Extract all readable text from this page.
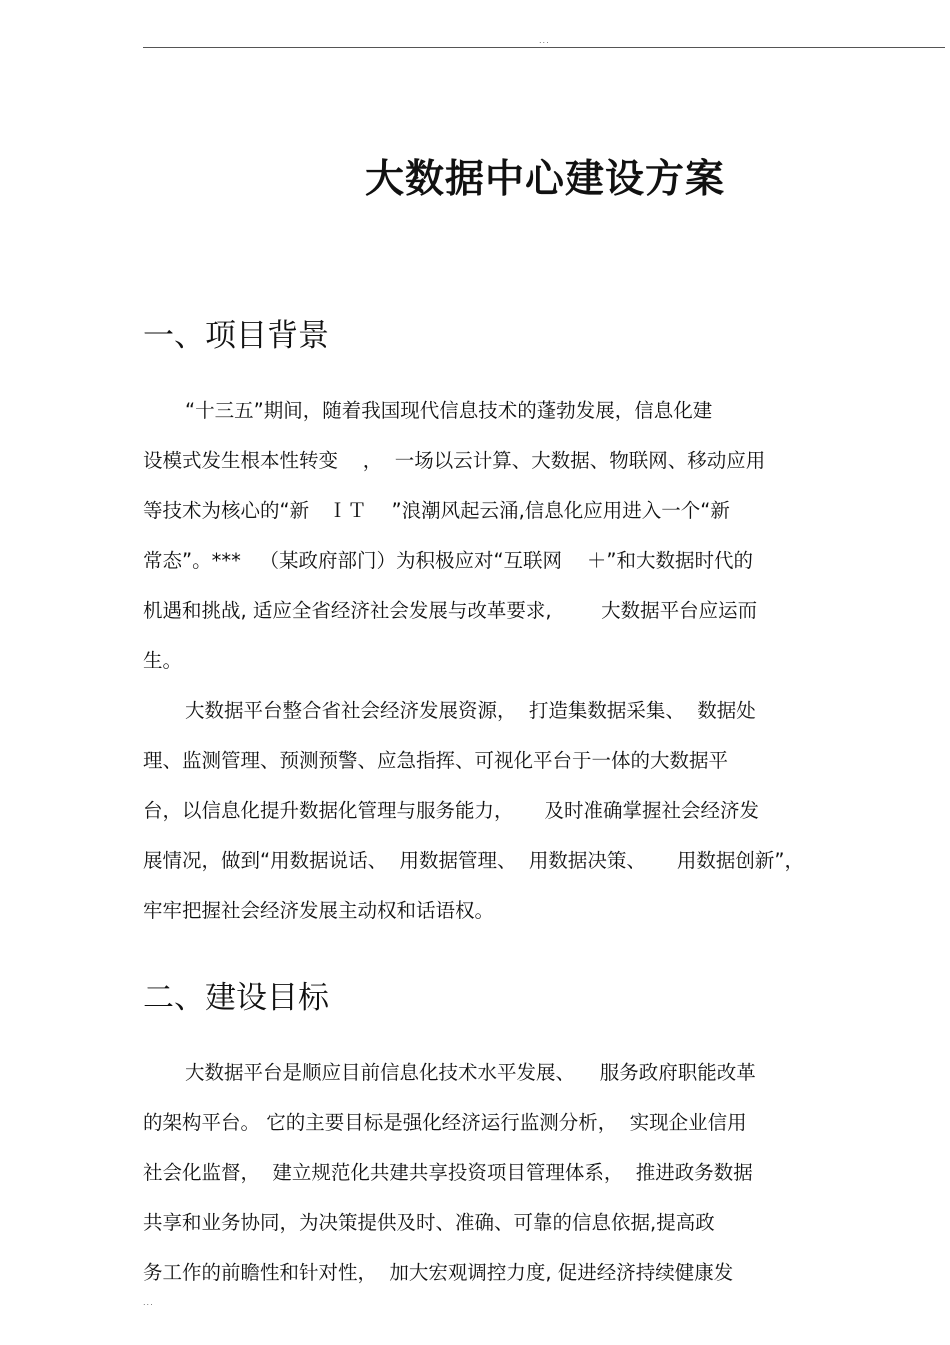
...
大数据中心建设方案
一、项目背景
“十三五”期间，随着我国现代信息技术的蓬勃发展，信息化建
设模式发生根本性转变    ，  一场以云计算、大数据、物联网、移动应用
等技术为核心的“新   ＩＴ    ”浪潮风起云涌,信息化应用进入一个“新
常态”。***   （某政府部门）为积极应对“互联网    ＋”和大数据时代的
机遇和挑战, 适应全省经济社会发展与改革要求,        大数据平台应运而
生。
大数据平台整合省社会经济发展资源，  打造集数据采集、  数据处
理、监测管理、预测预警、应急指挥、可视化平台于一体的大数据平
台，以信息化提升数据化管理与服务能力，     及时准确掌握社会经济发
展情况，做到“用数据说话、  用数据管理、  用数据决策、     用数据创新”，
牢牢把握社会经济发展主动权和话语权。
二、建设目标
大数据平台是顺应目前信息化技术水平发展、    服务政府职能改革
的架构平台。 它的主要目标是强化经济运行监测分析，  实现企业信用
社会化监督，  建立规范化共建共享投资项目管理体系，  推进政务数据
共享和业务协同，为决策提供及时、准确、可靠的信息依据,提高政
务工作的前瞻性和针对性，  加大宏观调控力度, 促进经济持续健康发
...
